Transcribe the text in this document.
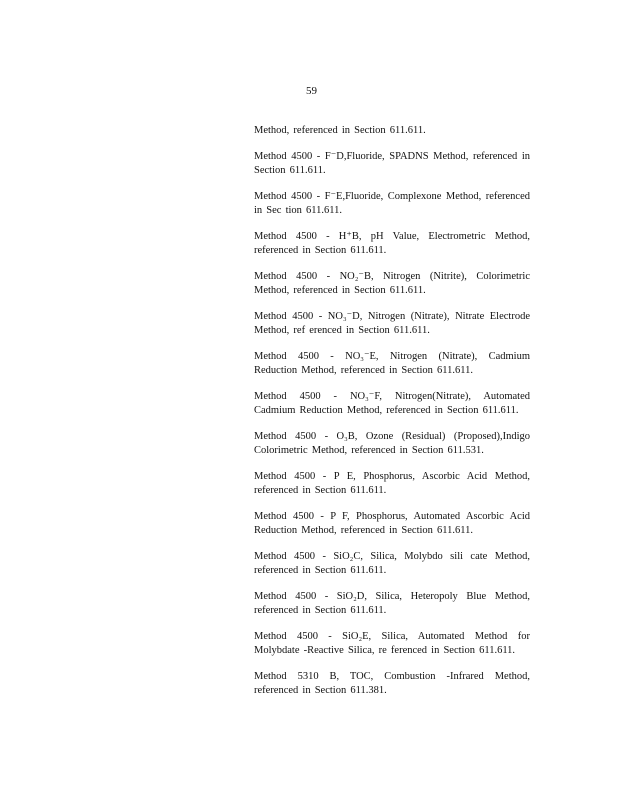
59

Method, referenced in Section 611.611.

Method 4500 - F⁻D,Fluoride, SPADNS Method, referenced in Section 611.611.

Method 4500 - F⁻E,Fluoride, Complexone Method, referenced in Sec tion 611.611.

Method 4500 - H⁺B, pH Value, Electrometric Method, referenced in Section 611.611.

Method 4500 - NO₂⁻B, Nitrogen (Nitrite), Colorimetric Method, referenced in Section 611.611.

Method 4500 - NO₃⁻D, Nitrogen (Nitrate), Nitrate Electrode Method, ref erenced in Section 611.611.

Method 4500 - NO₃⁻E, Nitrogen (Nitrate), Cadmium Reduction Method, referenced in Section 611.611.

Method 4500 - NO₃⁻F, Nitrogen(Nitrate), Automated Cadmium Reduction Method, referenced in Section 611.611.

Method 4500 - O₃B, Ozone (Residual) (Proposed),Indigo Colorimetric Method, referenced in Section 611.531.

Method 4500 - P E, Phosphorus, Ascorbic Acid Method, referenced in Section 611.611.

Method 4500 - P F, Phosphorus, Automated Ascorbic Acid Reduction Method, referenced in Section 611.611.

Method 4500 - SiO₂C, Silica, Molybdo sili cate Method, referenced in Section 611.611.

Method 4500 - SiO₂D, Silica, Heteropoly Blue Method, referenced in Section 611.611.

Method 4500 - SiO₂E, Silica, Automated Method for Molybdate -Reactive Silica, re ferenced in Section 611.611.

Method 5310 B, TOC, Combustion -Infrared Method, referenced in Section 611.381.
